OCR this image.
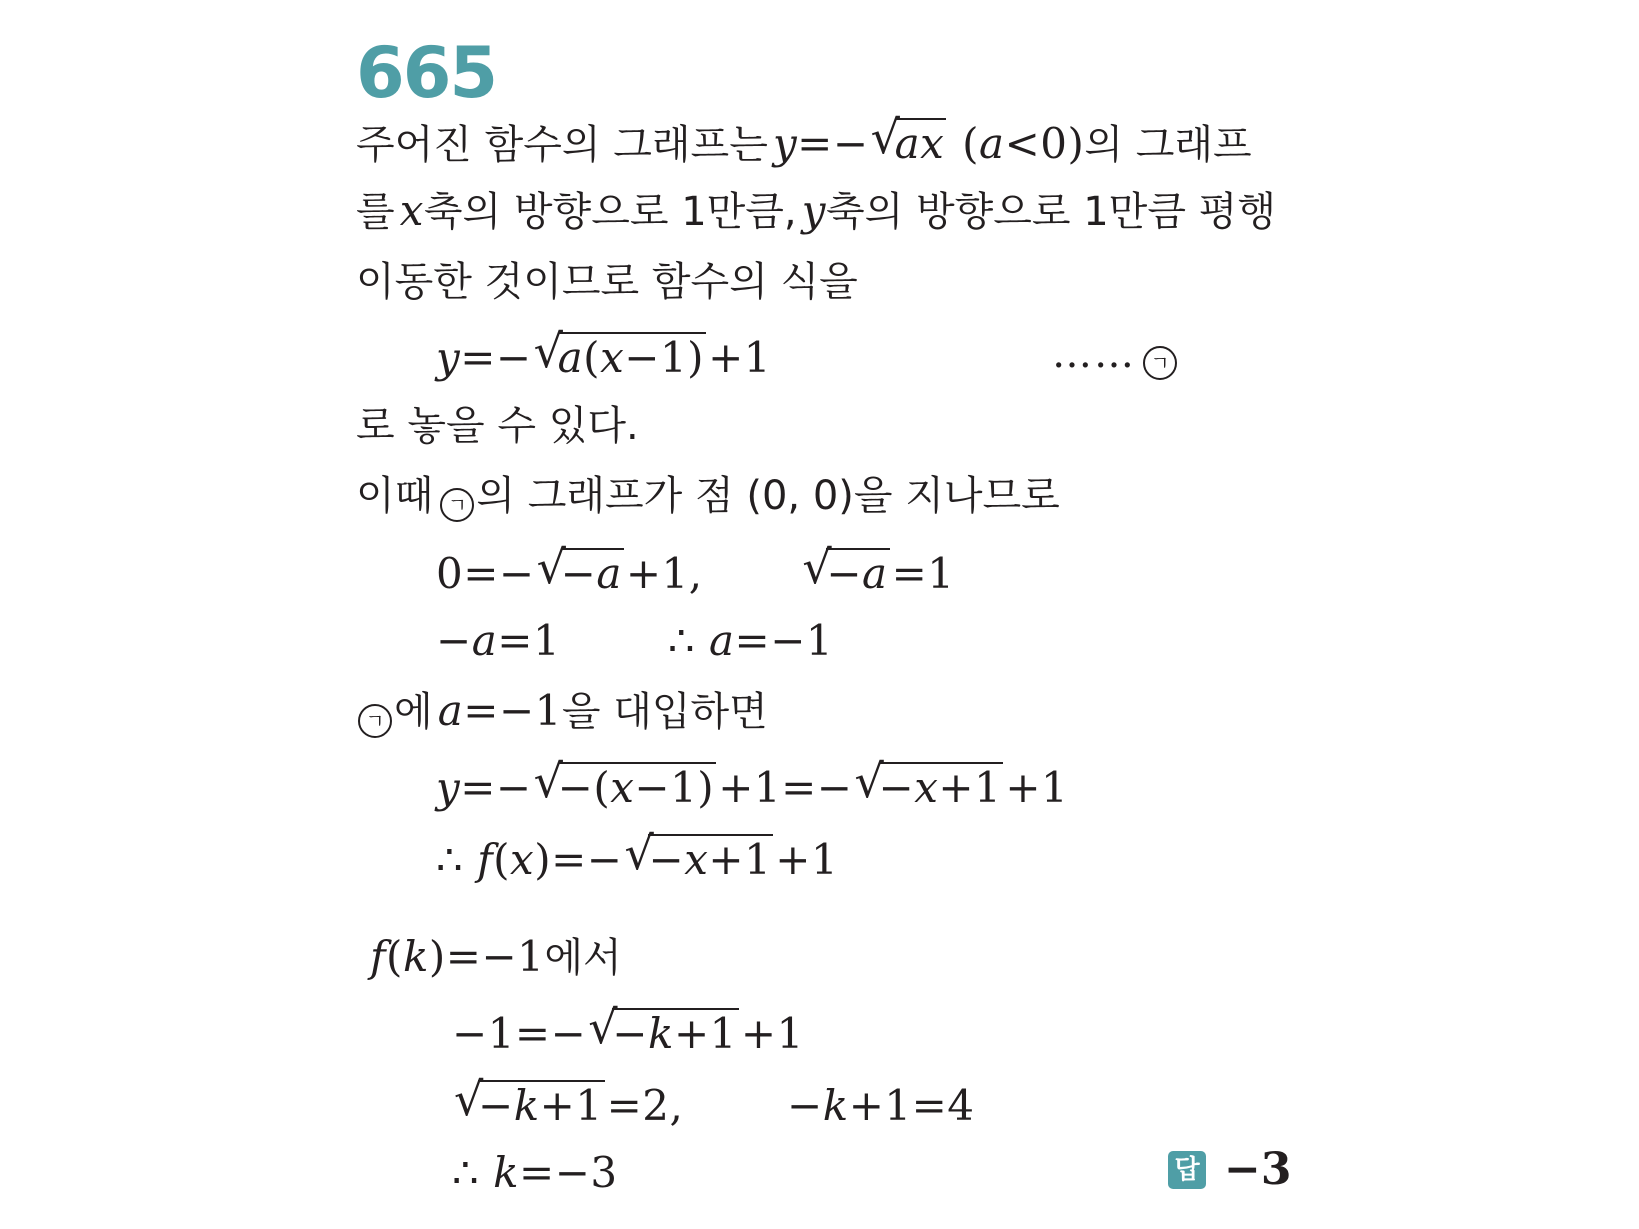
665
주어진 함수의 그래프는 y=− √ ax (a<0)의 그래프
를 x축의 방향으로 1만큼, y축의 방향으로 1만큼 평행
이동한 것이므로 함수의 식을
y=− √ a(x−1)+1	…… ㄱ
로 놓을 수 있다.
이때 ㄱ 의 그래프가 점 (0, 0)을 지나므로
0=− √ −a+1,	√ −a=1
−a=1  ∴ a=−1
ㄱ 에 a=−1을 대입하면
y=− √ −(x−1)+1=− √ −x+1+1
∴ f(x)=− √ −x+1+1
f(k)=−1에서
−1=− √ −k+1+1
√ −k+1=2,  −k+1=4
∴ k=−3	답 −3
